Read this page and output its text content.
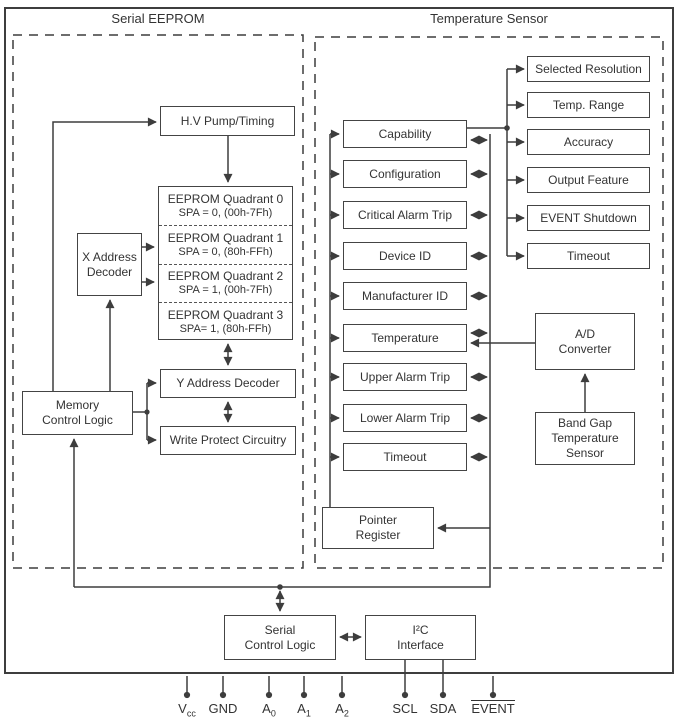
Serial EEPROM	Temperature Sensor
H.V Pump/Timing
EEPROM Quadrant 0
SPA = 0, (00h-7Fh)
EEPROM Quadrant 1
SPA = 0, (80h-FFh)
EEPROM Quadrant 2
SPA = 1, (00h-7Fh)
EEPROM Quadrant 3
SPA= 1, (80h-FFh)
X Address
Decoder
Memory
Control Logic
Y Address Decoder
Write Protect Circuitry
Capability
Configuration
Critical Alarm Trip
Device ID
Manufacturer ID
Temperature
Upper Alarm Trip
Lower Alarm Trip
Timeout
Selected Resolution
Temp. Range
Accuracy
Output Feature
EVENT Shutdown
Timeout
A/D
Converter
Band Gap
Temperature
Sensor
Pointer
Register
Serial
Control Logic
I²C
Interface
$V_{cc}$ GND	$A_0$	$A_1$	$A_2$	SCL SDA	EVENT
